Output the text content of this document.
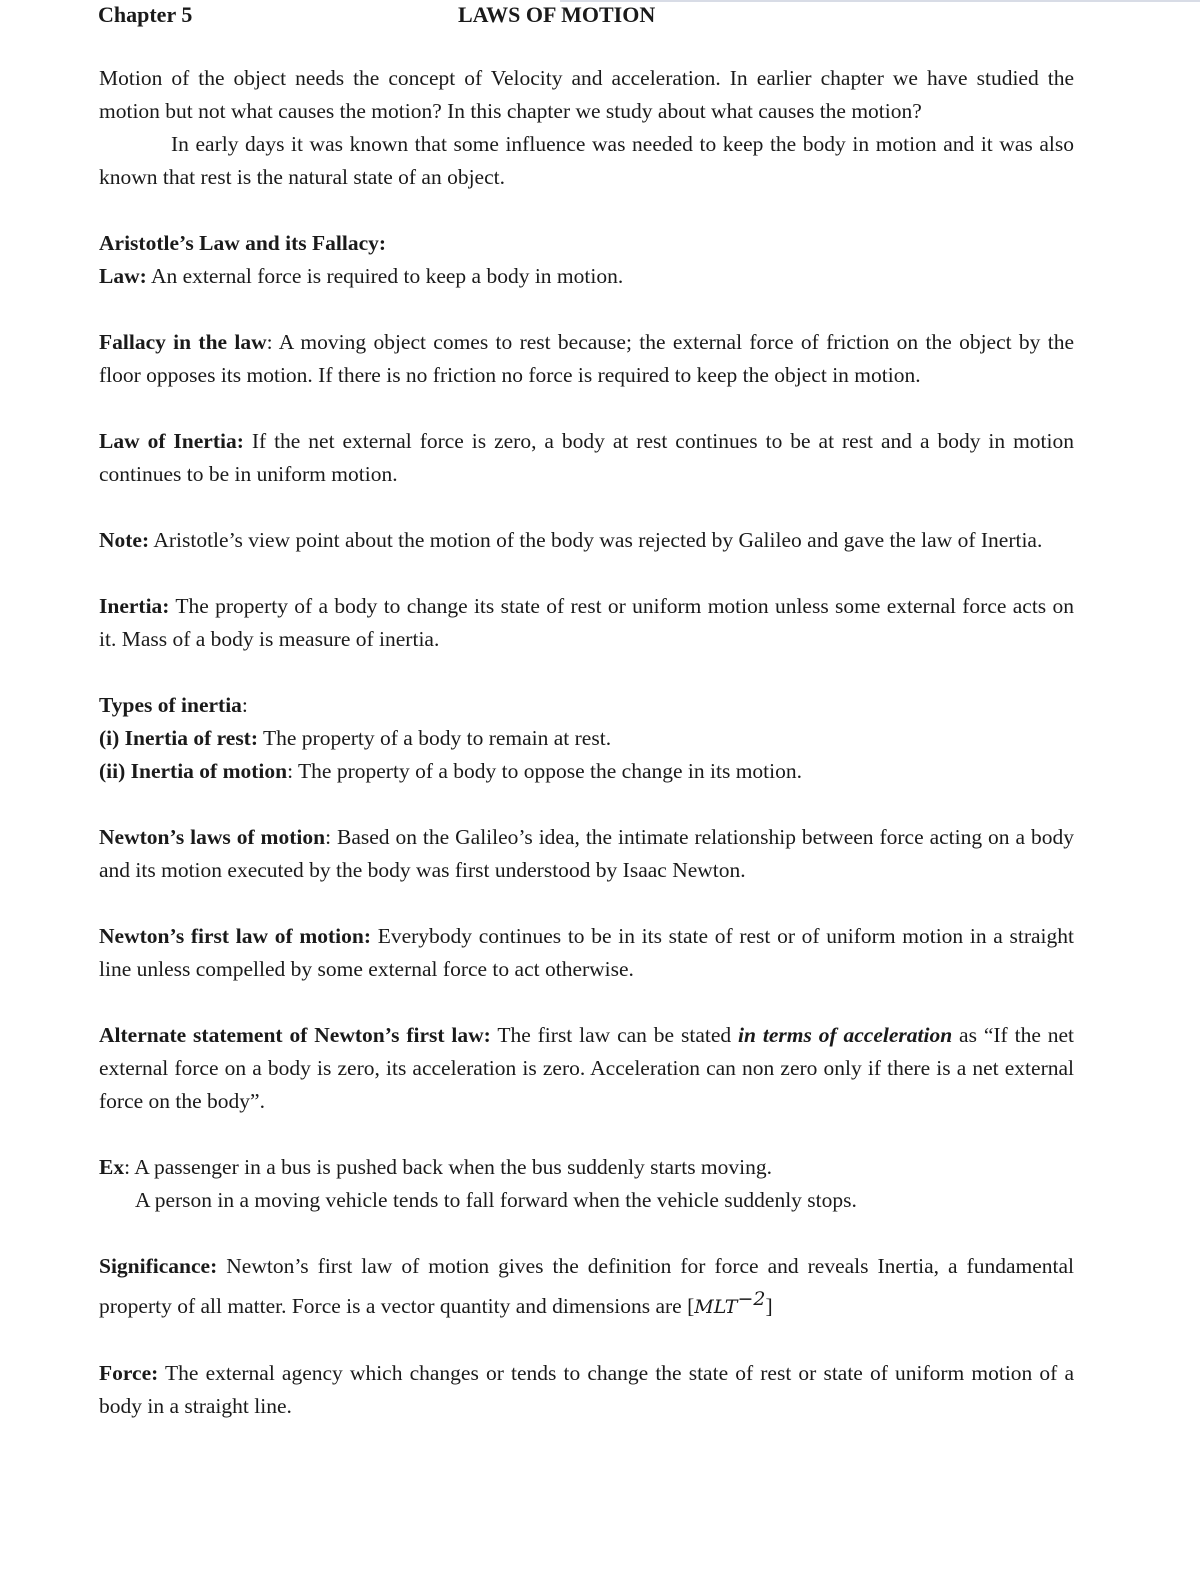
Chapter 5	LAWS OF MOTION

Motion of the object needs the concept of Velocity and acceleration. In earlier chapter we have studied the motion but not what causes the motion? In this chapter we study about what causes the motion?

In early days it was known that some influence was needed to keep the body in motion and it was also known that rest is the natural state of an object.

Aristotle’s Law and its Fallacy:

Law: An external force is required to keep a body in motion.

Fallacy in the law: A moving object comes to rest because; the external force of friction on the object by the floor opposes its motion. If there is no friction no force is required to keep the object in motion.

Law of Inertia: If the net external force is zero, a body at rest continues to be at rest and a body in motion continues to be in uniform motion.

Note: Aristotle’s view point about the motion of the body was rejected by Galileo and gave the law of Inertia.

Inertia: The property of a body to change its state of rest or uniform motion unless some external force acts on it. Mass of a body is measure of inertia.

Types of inertia:

(i) Inertia of rest: The property of a body to remain at rest.

(ii) Inertia of motion: The property of a body to oppose the change in its motion.

Newton’s laws of motion: Based on the Galileo’s idea, the intimate relationship between force acting on a body and its motion executed by the body was first understood by Isaac Newton.

Newton’s first law of motion: Everybody continues to be in its state of rest or of uniform motion in a straight line unless compelled by some external force to act otherwise.

Alternate statement of Newton’s first law: The first law can be stated in terms of acceleration as “If the net external force on a body is zero, its acceleration is zero. Acceleration can non zero only if there is a net external force on the body”.

Ex: A passenger in a bus is pushed back when the bus suddenly starts moving.

A person in a moving vehicle tends to fall forward when the vehicle suddenly stops.

Significance: Newton’s first law of motion gives the definition for force and reveals Inertia, a fundamental property of all matter. Force is a vector quantity and dimensions are $[MLT^{-2}]$

Force: The external agency which changes or tends to change the state of rest or state of uniform motion of a body in a straight line.
